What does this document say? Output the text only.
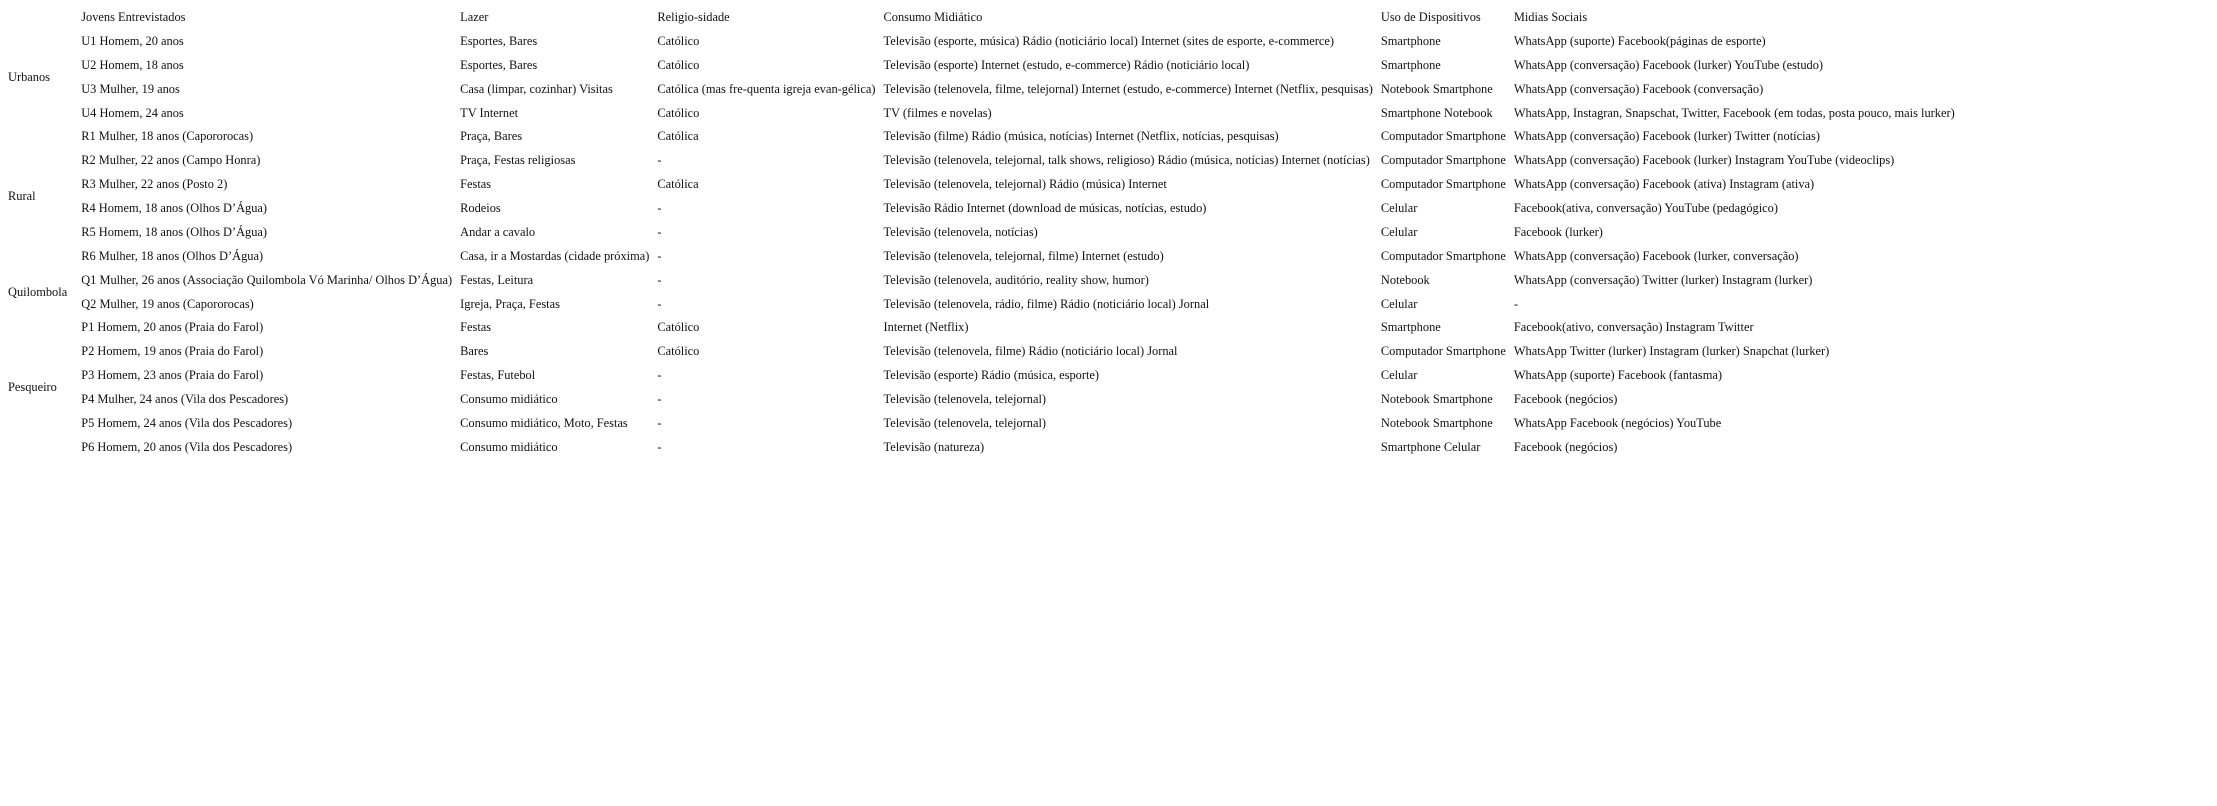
	Jovens Entrevistados	Lazer	Religio-sidade	Consumo Midiático	Uso de Dispositivos	Midias Sociais
Urbanos	U1 Homem, 20 anos	Esportes, Bares	Católico	Televisão (esporte, música) Rádio (noticiário local) Internet (sites de esporte, e-commerce)	Smartphone	WhatsApp (suporte) Facebook(páginas de esporte)
	U2 Homem, 18 anos	Esportes, Bares	Católico	Televisão (esporte) Internet (estudo, e-commerce) Rádio (noticiário local)	Smartphone	WhatsApp (conversação) Facebook (lurker) YouTube (estudo)
	U3 Mulher, 19 anos	Casa (limpar, cozinhar) Visitas	Católica (mas fre-quenta igreja evan-gélica)	Televisão (telenovela, filme, telejornal) Internet (estudo, e-commerce) Internet (Netflix, pesquisas)	Notebook Smartphone	WhatsApp (conversação) Facebook (conversação)
	U4 Homem, 24 anos	TV Internet	Católico	TV (filmes e novelas)	Smartphone Notebook	WhatsApp, Instagran, Snapschat, Twitter, Facebook (em todas, posta pouco, mais lurker)
Rural	R1 Mulher, 18 anos (Capororocas)	Praça, Bares	Católica	Televisão (filme) Rádio (música, notícias) Internet (Netflix, notícias, pesquisas)	Computador Smartphone	WhatsApp (conversação) Facebook (lurker) Twitter (notícias)
	R2 Mulher, 22 anos (Campo Honra)	Praça, Festas religiosas	-	Televisão (telenovela, telejornal, talk shows, religioso) Rádio (música, notícias) Internet (notícias)	Computador Smartphone	WhatsApp (conversação) Facebook (lurker) Instagram YouTube (videoclips)
	R3 Mulher, 22 anos (Posto 2)	Festas	Católica	Televisão (telenovela, telejornal) Rádio (música) Internet	Computador Smartphone	WhatsApp (conversação) Facebook (ativa) Instagram (ativa)
	R4 Homem, 18 anos (Olhos D’Água)	Rodeios	-	Televisão Rádio Internet (download de músicas, notícias, estudo)	Celular	Facebook(ativa, conversação) YouTube (pedagógico)
	R5 Homem, 18 anos (Olhos D’Água)	Andar a cavalo	-	Televisão (telenovela, notícias)	Celular	Facebook (lurker)
	R6 Mulher, 18 anos (Olhos D’Água)	Casa, ir a Mostardas (cidade próxima)	-	Televisão (telenovela, telejornal, filme) Internet (estudo)	Computador Smartphone	WhatsApp (conversação) Facebook (lurker, conversação)
Quilombola	Q1 Mulher, 26 anos (Associação Quilombola Vó Marinha/ Olhos D’Água)	Festas, Leitura	-	Televisão (telenovela, auditório, reality show, humor)	Notebook	WhatsApp (conversação) Twitter (lurker) Instagram (lurker)
	Q2 Mulher, 19 anos (Capororocas)	Igreja, Praça, Festas	-	Televisão (telenovela, rádio, filme) Rádio (noticiário local) Jornal	Celular	-
Pesqueiro	P1 Homem, 20 anos (Praia do Farol)	Festas	Católico	Internet (Netflix)	Smartphone	Facebook(ativo, conversação) Instagram Twitter
	P2 Homem, 19 anos (Praia do Farol)	Bares	Católico	Televisão (telenovela, filme) Rádio (noticiário local) Jornal	Computador Smartphone	WhatsApp Twitter (lurker) Instagram (lurker) Snapchat (lurker)
	P3 Homem, 23 anos (Praia do Farol)	Festas, Futebol	-	Televisão (esporte) Rádio (música, esporte)	Celular	WhatsApp (suporte) Facebook (fantasma)
	P4 Mulher, 24 anos (Vila dos Pescadores)	Consumo midiático	-	Televisão (telenovela, telejornal)	Notebook Smartphone	Facebook (negócios)
	P5 Homem, 24 anos (Vila dos Pescadores)	Consumo midiático, Moto, Festas	-	Televisão (telenovela, telejornal)	Notebook Smartphone	WhatsApp Facebook (negócios) YouTube
	P6 Homem, 20 anos (Vila dos Pescadores)	Consumo midiático	-	Televisão (natureza)	Smartphone Celular	Facebook (negócios)
